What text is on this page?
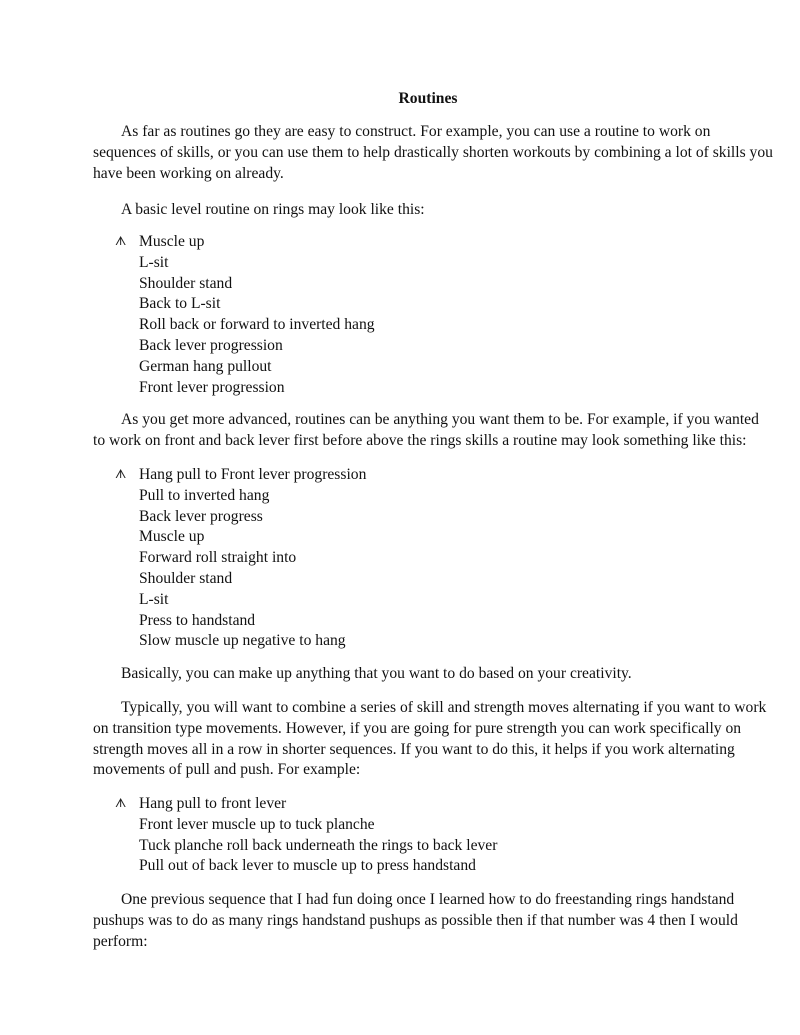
Routines

As far as routines go they are easy to construct. For example, you can use a routine to work on sequences of skills, or you can use them to help drastically shorten workouts by combining a lot of skills you have been working on already.

A basic level routine on rings may look like this:

ᗑ Muscle up
L-sit
Shoulder stand
Back to L-sit
Roll back or forward to inverted hang
Back lever progression
German hang pullout
Front lever progression

As you get more advanced, routines can be anything you want them to be. For example, if you wanted to work on front and back lever first before above the rings skills a routine may look something like this:

ᗑ Hang pull to Front lever progression
Pull to inverted hang
Back lever progress
Muscle up
Forward roll straight into
Shoulder stand
L-sit
Press to handstand
Slow muscle up negative to hang

Basically, you can make up anything that you want to do based on your creativity.

Typically, you will want to combine a series of skill and strength moves alternating if you want to work on transition type movements. However, if you are going for pure strength you can work specifically on strength moves all in a row in shorter sequences. If you want to do this, it helps if you work alternating movements of pull and push. For example:

ᗑ Hang pull to front lever
Front lever muscle up to tuck planche
Tuck planche roll back underneath the rings to back lever
Pull out of back lever to muscle up to press handstand

One previous sequence that I had fun doing once I learned how to do freestanding rings handstand pushups was to do as many rings handstand pushups as possible then if that number was 4 then I would perform:
